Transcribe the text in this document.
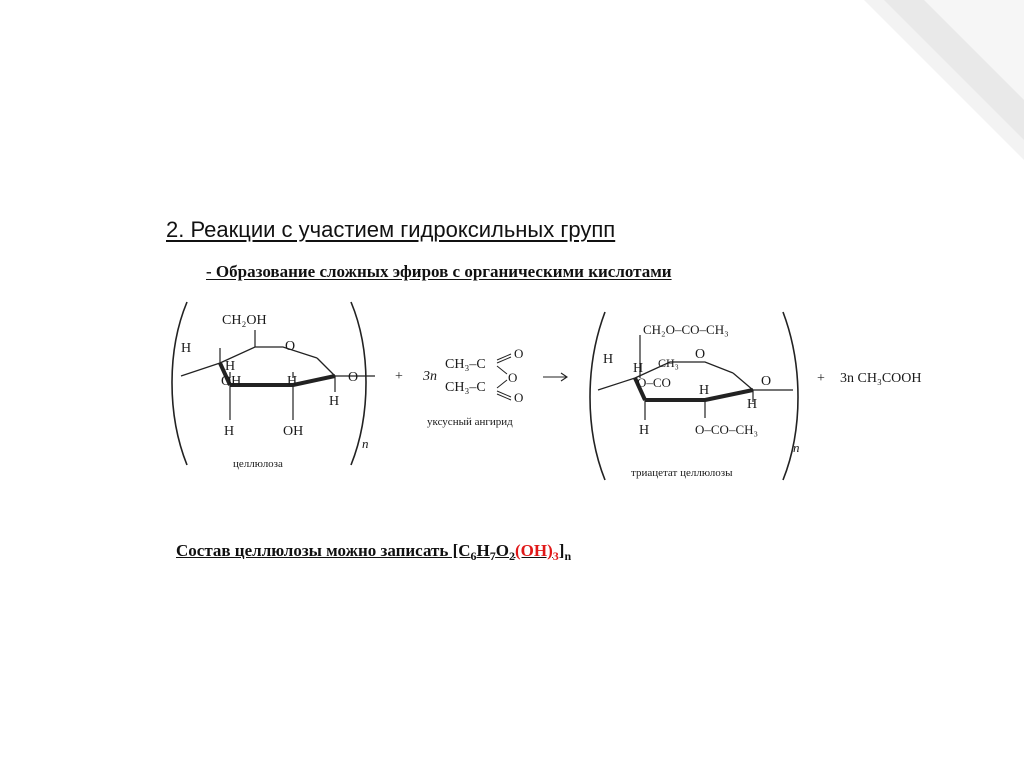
2. Реакции с участием гидроксильных групп
- Образование сложных эфиров с органическими кислотами
CH₂OH
O
H
H
OH	H	O
H
H	OH
n
целлюлоза
+ 3n
CH₃–C
CH₃–C
O
O
O
уксусный ангирид
CH₂O–CO–CH₃
O
H
H CH₃
O–CO	O
H
H
H	O–CO–CH₃
n
триацетат целлюлозы
+ 3n CH₃COOH
Состав целлюлозы можно записать $[C_6H_7O_2(OH)_3]_n$
